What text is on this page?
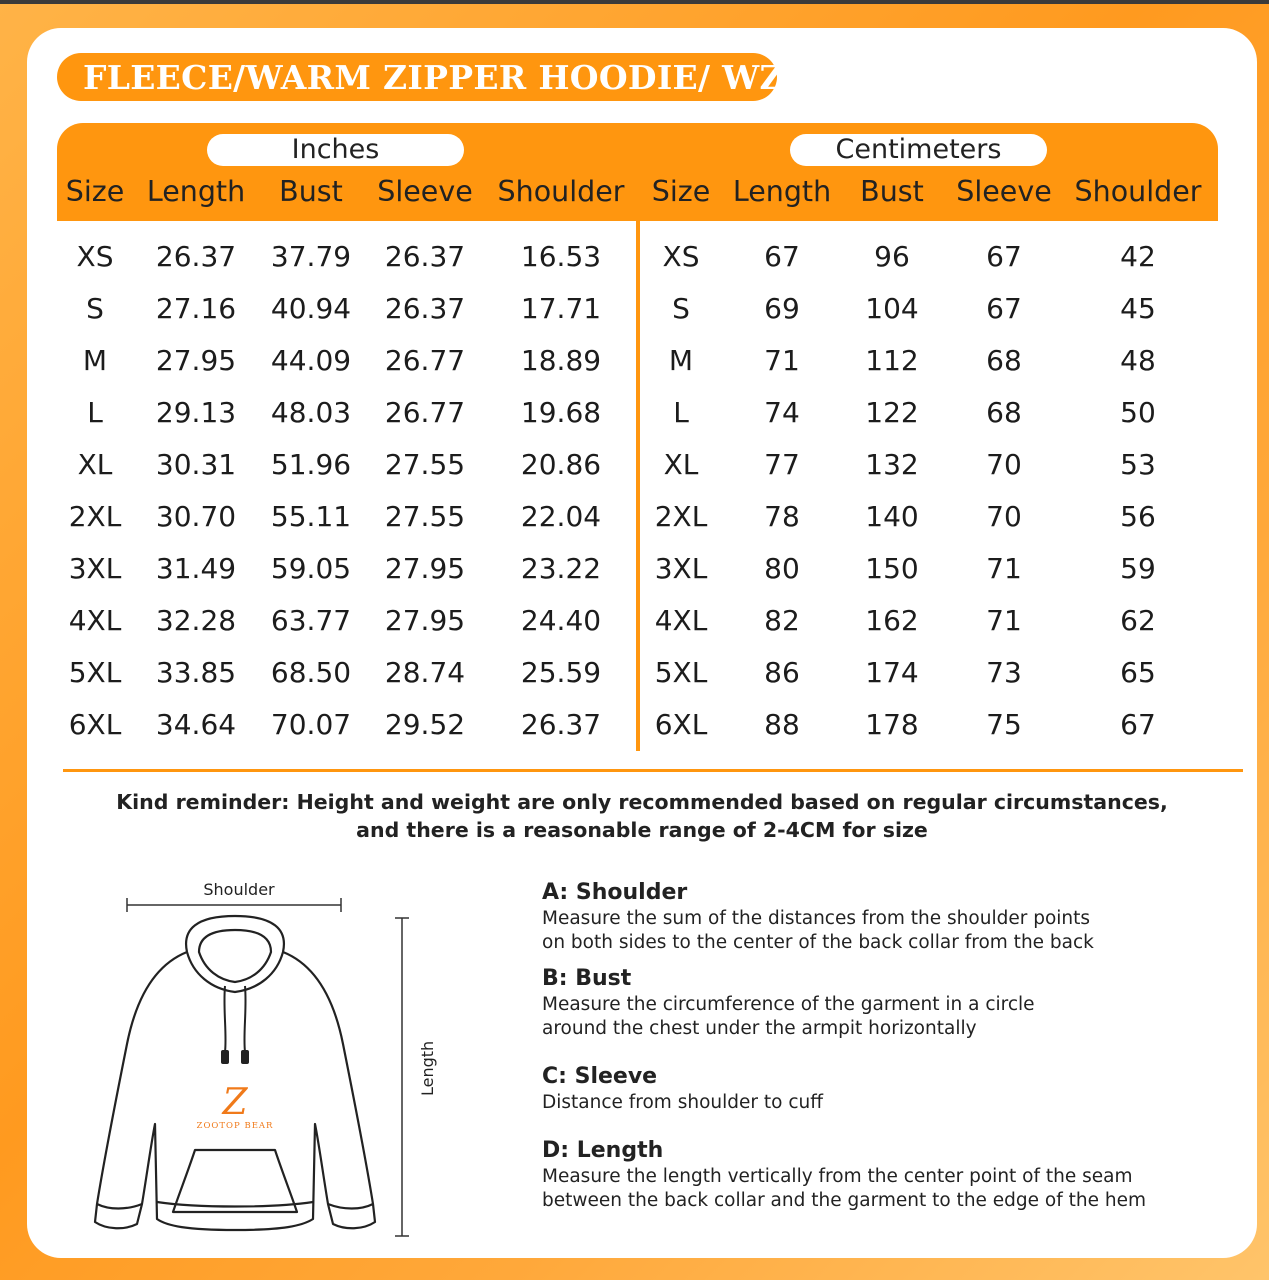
FLEECE/WARM ZIPPER HOODIE/ WZIP
Inches	Centimeters
Size Length Bust Sleeve Shoulder Size Length Bust Sleeve Shoulder
XS 26.37 37.79 26.37 16.53
S 27.16 40.94 26.37 17.71
M 27.95 44.09 26.77 18.89
L 29.13 48.03 26.77 19.68
XL 30.31 51.96 27.55 20.86
2XL 30.70 55.11 27.55 22.04
3XL 31.49 59.05 27.95 23.22
4XL 32.28 63.77 27.95 24.40
5XL 33.85 68.50 28.74 25.59
6XL 34.64 70.07 29.52 26.37
XS 67	96	67	42
S	69 104 67	45
M	71 112 68	48
L	74 122 68	50
XL 77 132 70	53
2XL 78 140 70	56
3XL 80 150 71	59
4XL 82 162 71	62
5XL 86 174 73	65
6XL 88 178 75	67
Kind reminder: Height and weight are only recommended based on regular circumstances,
and there is a reasonable range of 2-4CM for size
Shoulder
Length
Z
ZOOTOP BEAR
A: Shoulder

Measure the sum of the distances from the shoulder points
on both sides to the center of the back collar from the back

B: Bust

Measure the circumference of the garment in a circle
around the chest under the armpit horizontally

C: Sleeve

Distance from shoulder to cuff

D: Length

Measure the length vertically from the center point of the seam
between the back collar and the garment to the edge of the hem
